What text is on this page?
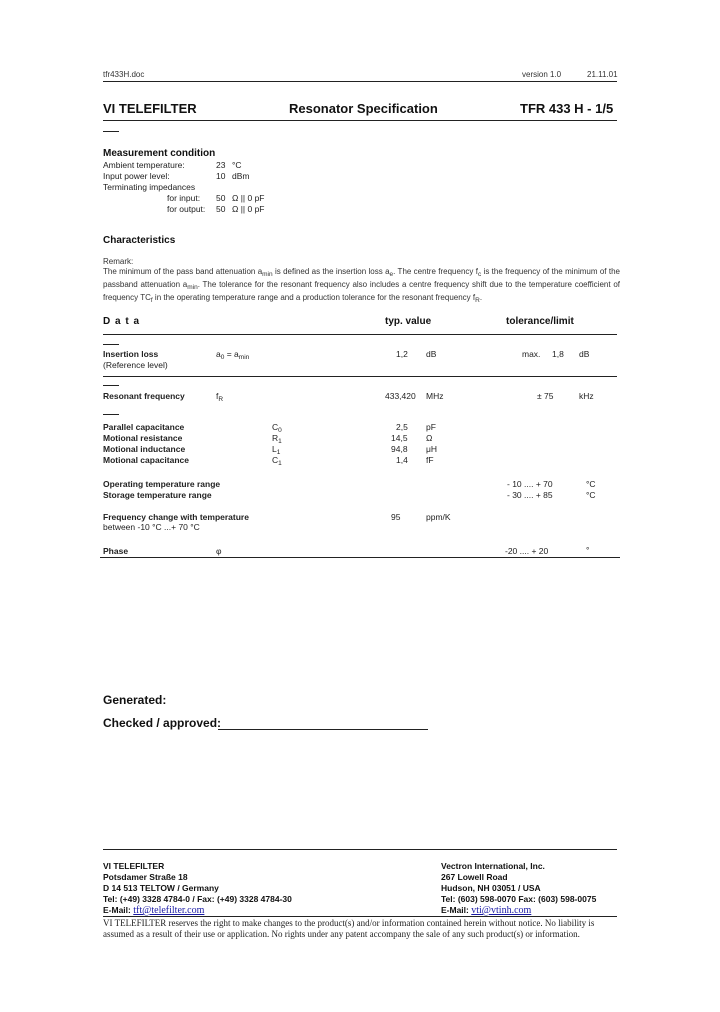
tfr433H.doc	version 1.0	21.11.01
VI TELEFILTER	Resonator Specification	TFR 433 H - 1/5
Measurement condition
Ambient temperature:	23 °C
Input power level:	10 dBm
Terminating impedances
for input: 50 Ω || 0 pF
for output: 50 Ω || 0 pF
Characteristics
Remark:
The minimum of the pass band attenuation $a_{min}$ is defined as the insertion loss $a_e$. The centre frequency $f_c$ is the frequency of the minimum of the passband attenuation $a_{min}$. The tolerance for the resonant frequency also includes a centre frequency shift due to the temperature coefficient of frequency $TC_f$ in the operating temperature range and a production tolerance for the resonant frequency $f_R$.
D a t a	typ. value	tolerance/limit
Insertion loss
(Reference level)
$a_0 = a_{min}$	1,2 dB	max. 1,8 dB
Resonant frequency	$f_R$	433,420 MHz	± 75	kHz
Parallel capacitance	$C_0$	2,5 pF
Motional resistance	$R_1$	14,5 Ω
Motional inductance	$L_1$	94,8 μH
Motional capacitance	$C_1$	1,4 fF
Operating temperature range	- 10 .... + 70	°C
Storage temperature range	- 30 .... + 85	°C
Frequency change with temperature
between -10 °C ...+ 70 °C
95	ppm/K
Phase	φ	-20 .... + 20	°
Generated:
Checked / approved:
VI TELEFILTER
Potsdamer Straße 18
D 14 513 TELTOW / Germany
Tel: (+49) 3328 4784-0 / Fax: (+49) 3328 4784-30
E-Mail: tft@telefilter.com
Vectron International, Inc.
267 Lowell Road
Hudson, NH 03051 / USA
Tel: (603) 598-0070 Fax: (603) 598-0075
E-Mail: vti@vtinh.com
VI TELEFILTER reserves the right to make changes to the product(s) and/or information contained herein without notice. No liability is assumed as a result of their use or application. No rights under any patent accompany the sale of any such product(s) or information.
